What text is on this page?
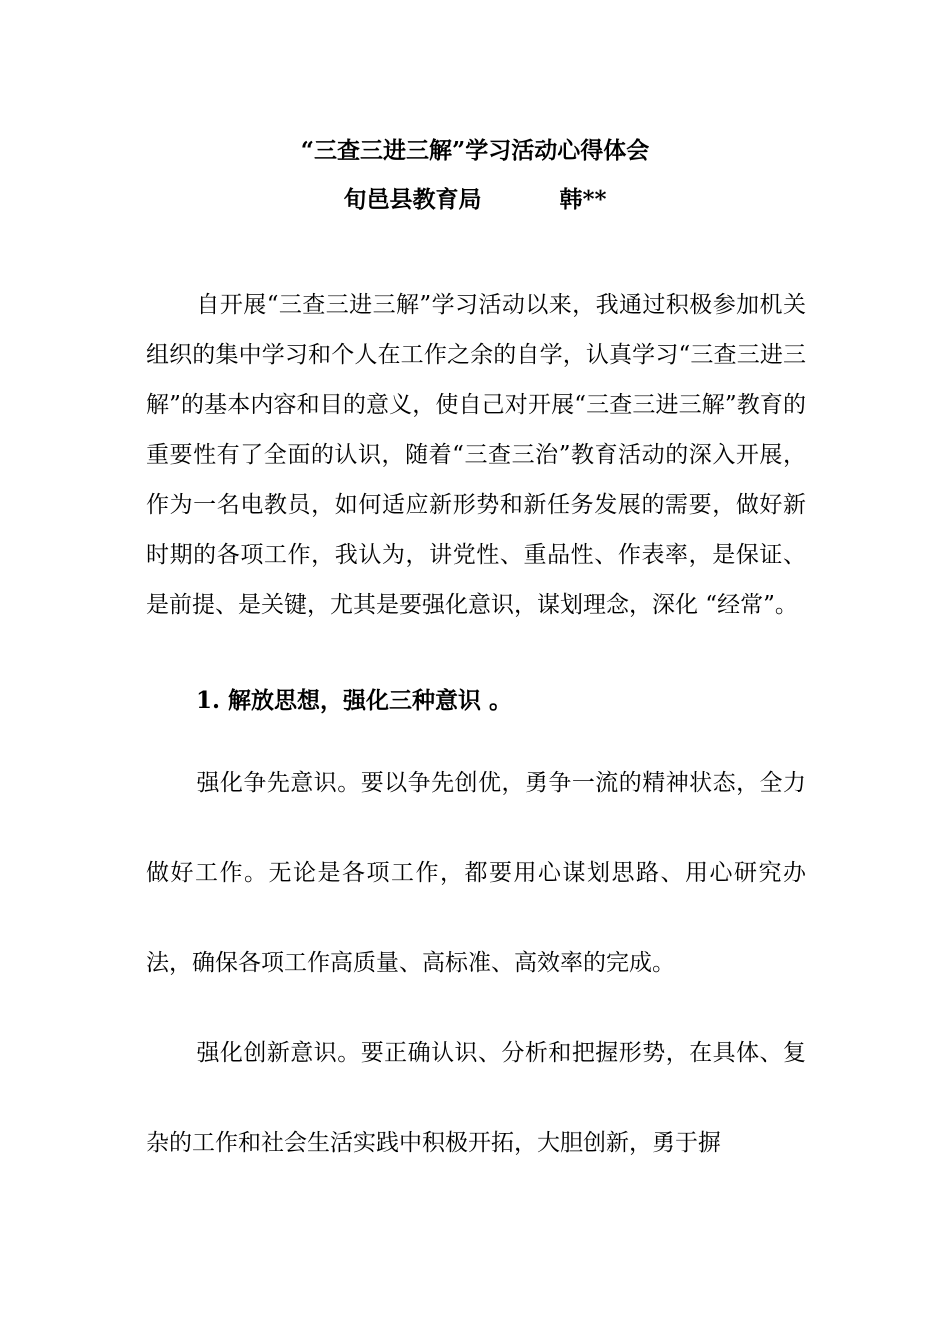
“三查三进三解”学习活动心得体会
旬邑县教育局	韩**
自开展“三查三进三解”学习活动以来，我通过积极参加机关组织的集中学习和个人在工作之余的自学，认真学习“三查三进三解”的基本内容和目的意义，使自己对开展“三查三进三解”教育的重要性有了全面的认识，随着“三查三治”教育活动的深入开展，作为一名电教员，如何适应新形势和新任务发展的需要，做好新时期的各项工作，我认为，讲党性、重品性、作表率，是保证、是前提、是关键，尤其是要强化意识，谋划理念，深化 “经常”。
1. 解放思想，强化三种意识 。
强化争先意识。要以争先创优，勇争一流的精神状态，全力做好工作。无论是各项工作，都要用心谋划思路、用心研究办法，确保各项工作高质量、高标准、高效率的完成。
强化创新意识。要正确认识、分析和把握形势，在具体、复杂的工作和社会生活实践中积极开拓，大胆创新，勇于摒
